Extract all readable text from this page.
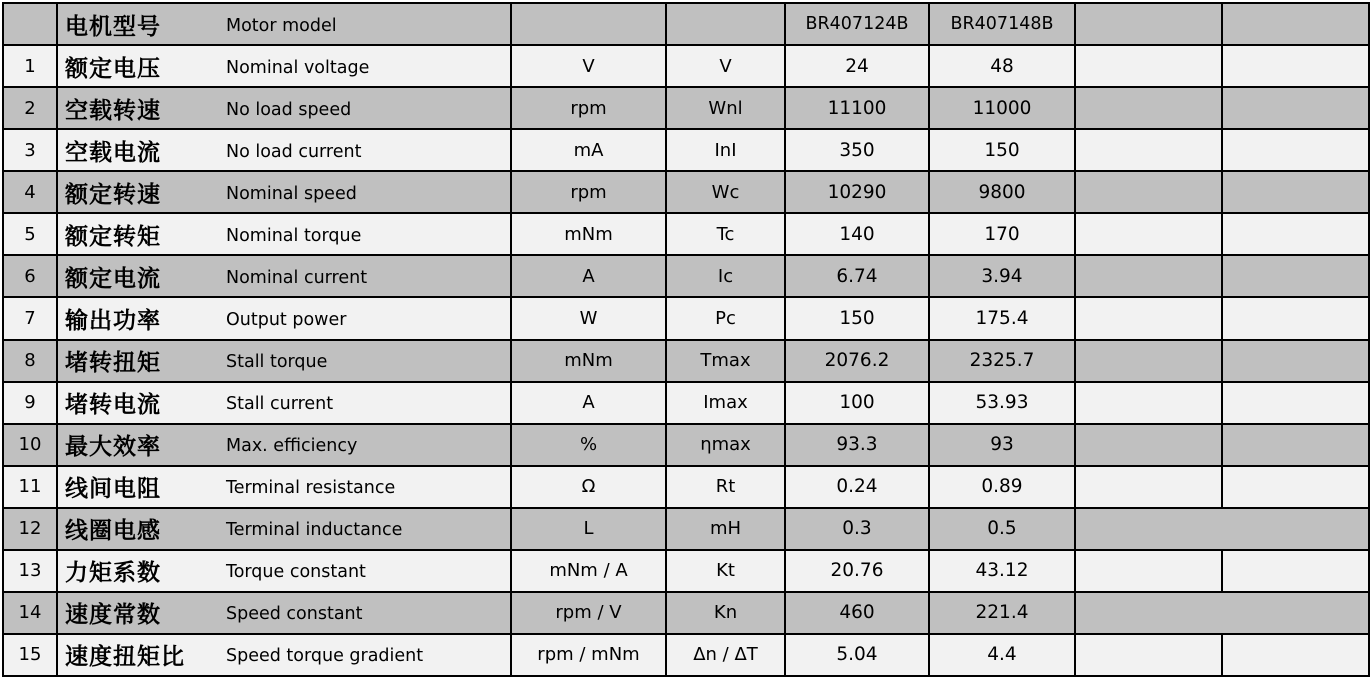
	电机型号 Motor model			BR407124B	BR407148B		
1	额定电压 Nominal voltage	V	V	24	48		
2	空载转速 No load speed	rpm	Wnl	11100	11000		
3	空载电流 No load current	mA	InI	350	150		
4	额定转速 Nominal speed	rpm	Wc	10290	9800		
5	额定转矩 Nominal torque	mNm	Tc	140	170		
6	额定电流 Nominal current	A	Ic	6.74	3.94		
7	输出功率 Output power	W	Pc	150	175.4		
8	堵转扭矩 Stall torque	mNm	Tmax	2076.2	2325.7		
9	堵转电流 Stall current	A	Imax	100	53.93		
10	最大效率 Max. efficiency	%	ηmax	93.3	93		
11	线间电阻 Terminal resistance	Ω	Rt	0.24	0.89		
12	线圈电感 Terminal inductance	L	mH	0.3	0.5		
13	力矩系数 Torque constant	mNm / A	Kt	20.76	43.12		
14	速度常数 Speed constant	rpm / V	Kn	460	221.4		
15	速度扭矩比 Speed torque gradient	rpm / mNm	Δn / ΔT	5.04	4.4		
